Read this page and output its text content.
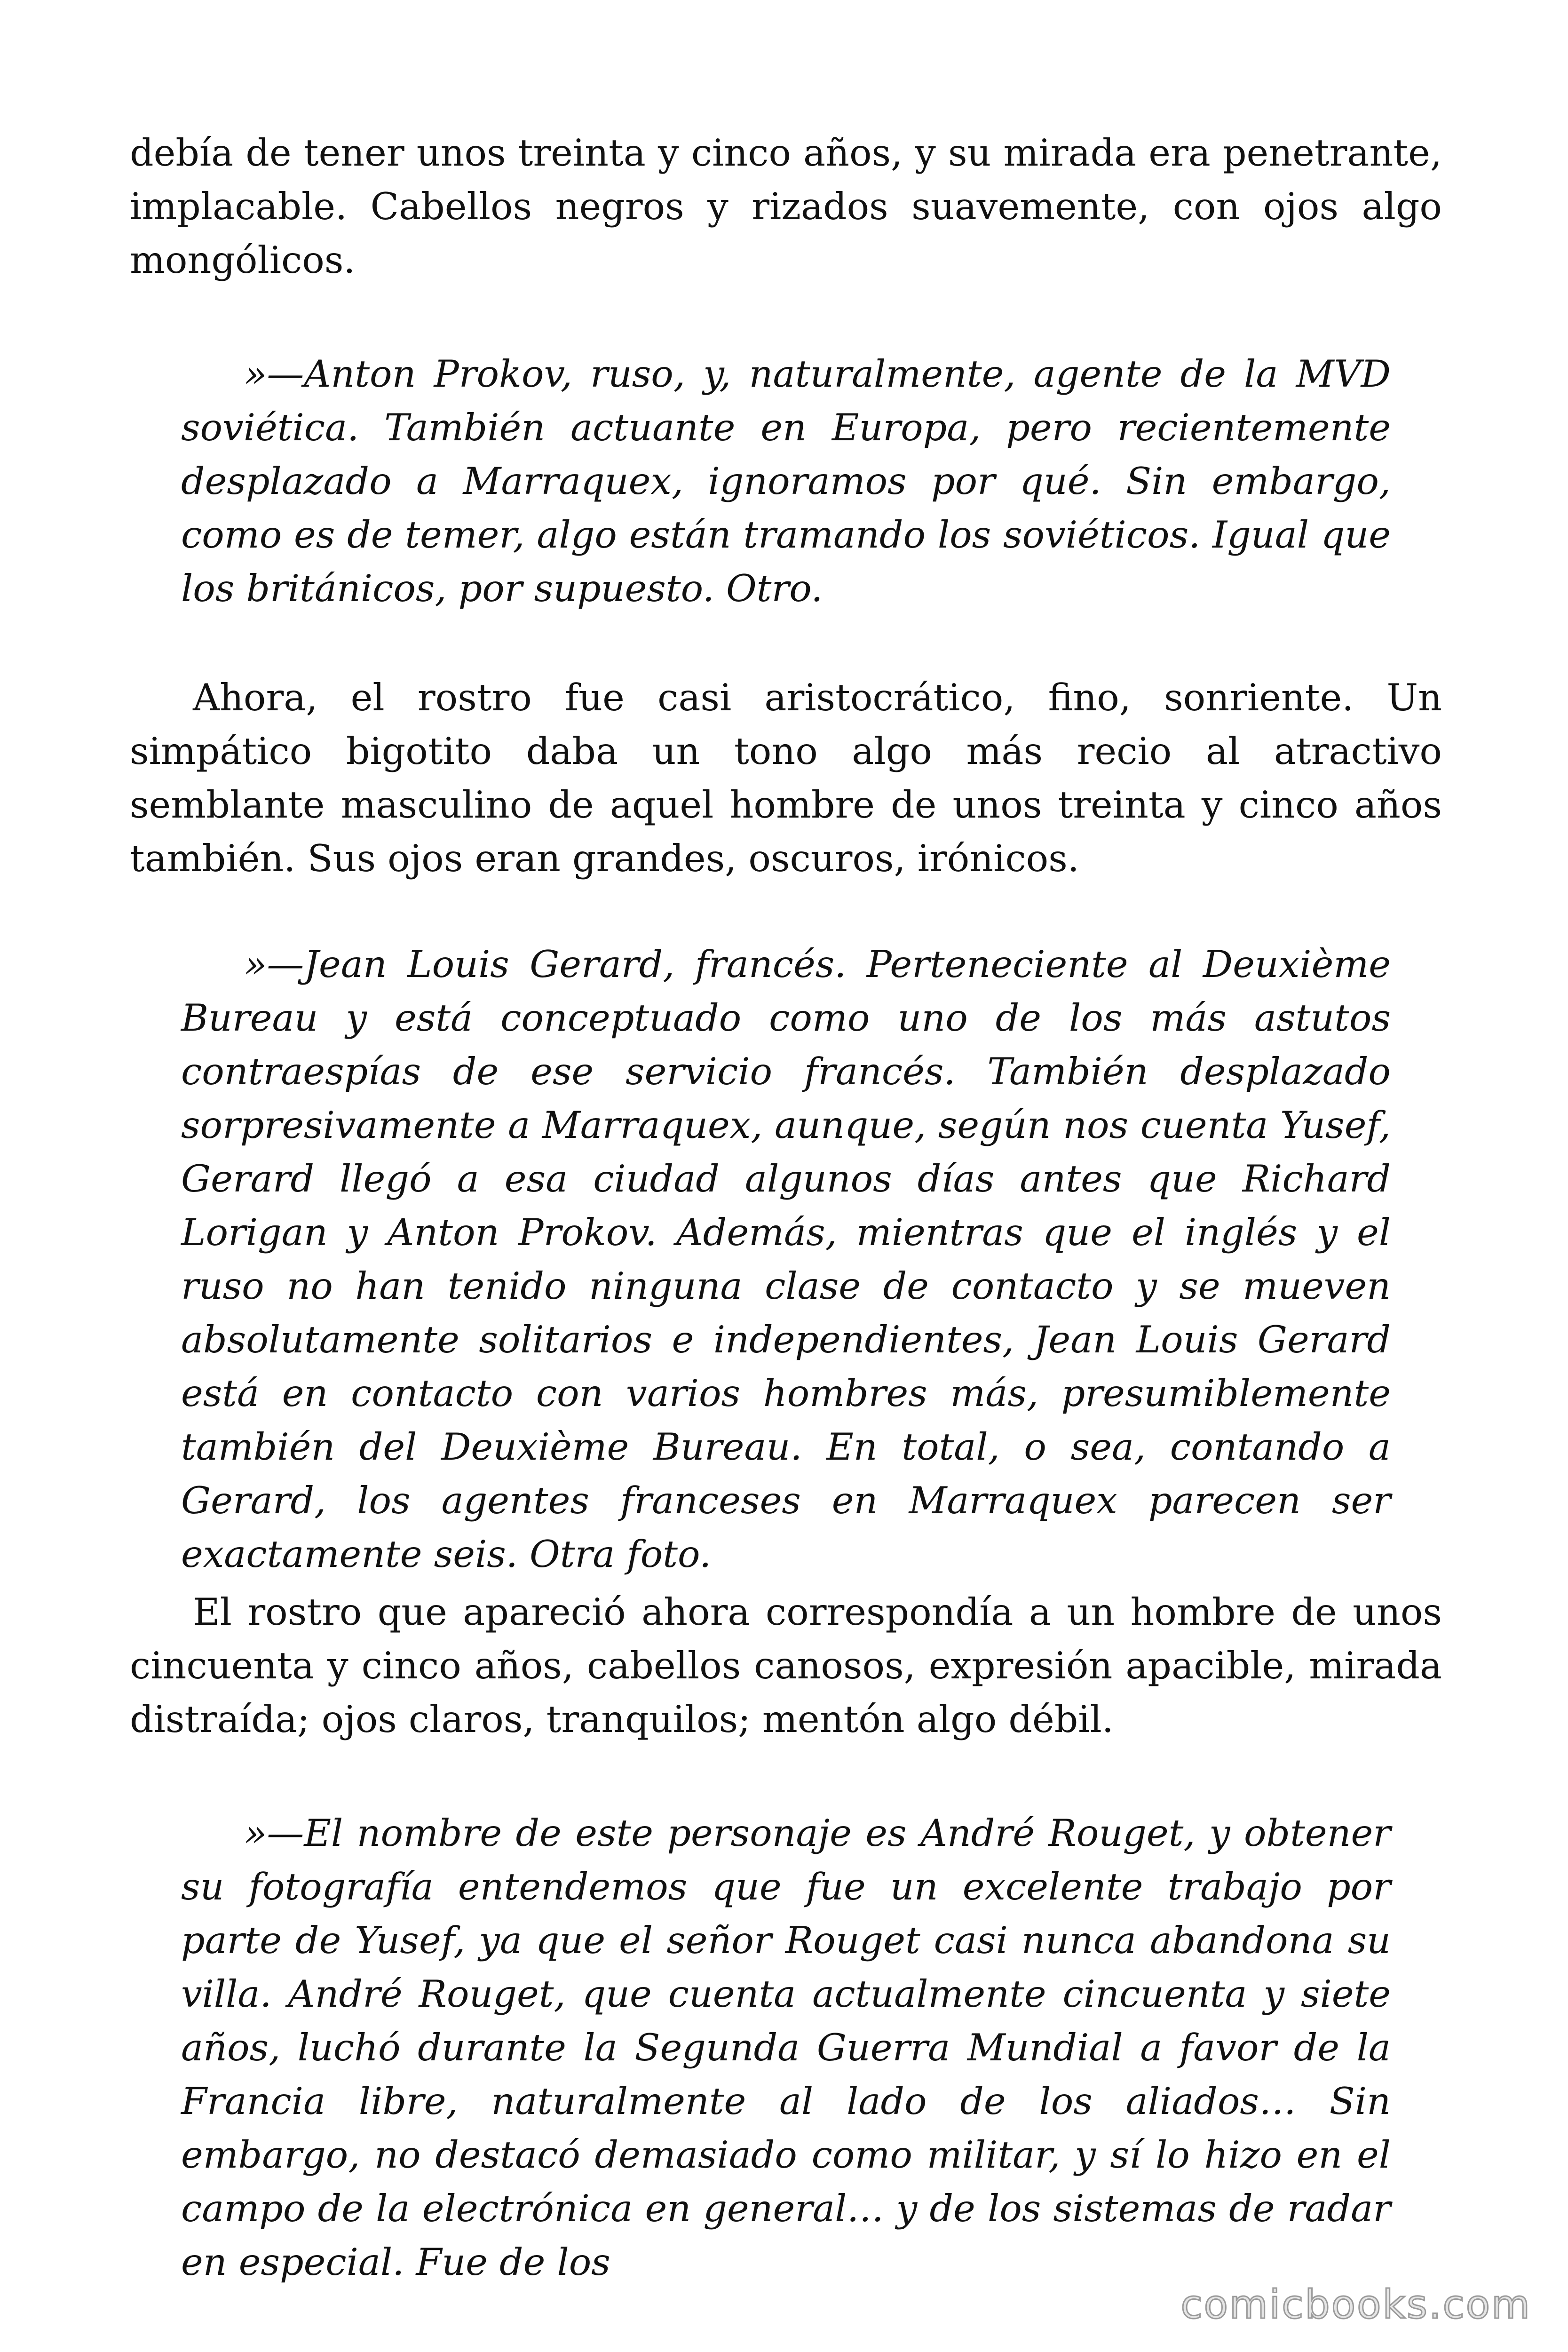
debía de tener unos treinta y cinco años, y su mirada era penetrante, implacable. Cabellos negros y rizados suavemente, con ojos algo mongólicos.

»—Anton Prokov, ruso, y, naturalmente, agente de la MVD soviética. También actuante en Europa, pero recientemente desplazado a Marraquex, ignoramos por qué. Sin embargo, como es de temer, algo están tramando los soviéticos. Igual que los británicos, por supuesto. Otro.

Ahora, el rostro fue casi aristocrático, fino, sonriente. Un simpático bigotito daba un tono algo más recio al atractivo semblante masculino de aquel hombre de unos treinta y cinco años también. Sus ojos eran grandes, oscuros, irónicos.

»—Jean Louis Gerard, francés. Perteneciente al Deuxième Bureau y está conceptuado como uno de los más astutos contraespías de ese servicio francés. También desplazado sorpresivamente a Marraquex, aunque, según nos cuenta Yusef, Gerard llegó a esa ciudad algunos días antes que Richard Lorigan y Anton Prokov. Además, mientras que el inglés y el ruso no han tenido ninguna clase de contacto y se mueven absolutamente solitarios e independientes, Jean Louis Gerard está en contacto con varios hombres más, presumiblemente también del Deuxième Bureau. En total, o sea, contando a Gerard, los agentes franceses en Marraquex parecen ser exactamente seis. Otra foto.

El rostro que apareció ahora correspondía a un hombre de unos cincuenta y cinco años, cabellos canosos, expresión apacible, mirada distraída; ojos claros, tranquilos; mentón algo débil.

»—El nombre de este personaje es André Rouget, y obtener su fotografía entendemos que fue un excelente trabajo por parte de Yusef, ya que el señor Rouget casi nunca abandona su villa. André Rouget, que cuenta actualmente cincuenta y siete años, luchó durante la Segunda Guerra Mundial a favor de la Francia libre, naturalmente al lado de los aliados… Sin embargo, no destacó demasiado como militar, y sí lo hizo en el campo de la electrónica en general… y de los sistemas de radar en especial. Fue de los

comicbooks.com
